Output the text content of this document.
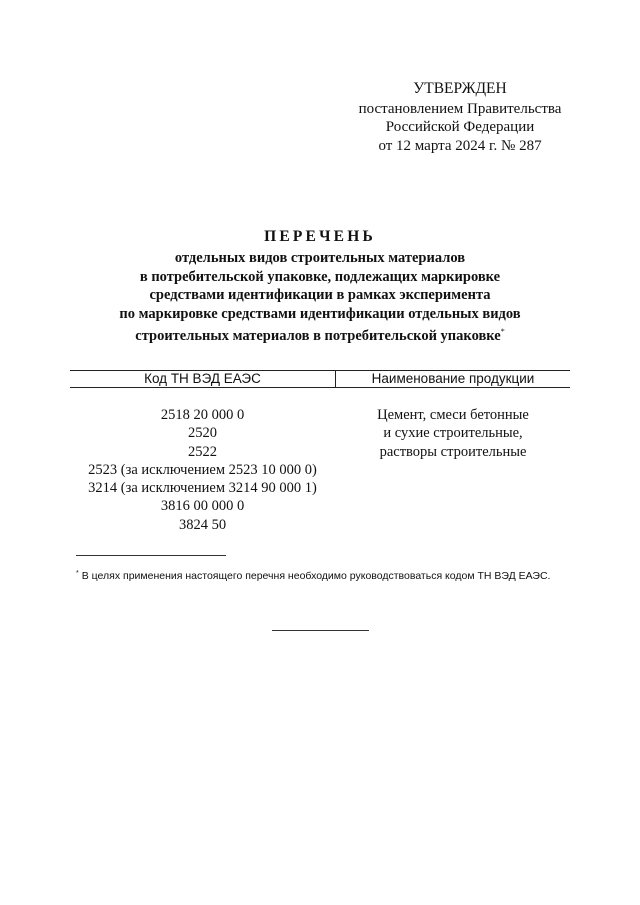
УТВЕРЖДЕН
постановлением Правительства
Российской Федерации
от 12 марта 2024 г. № 287
ПЕРЕЧЕНЬ
отдельных видов строительных материалов
в потребительской упаковке, подлежащих маркировке
средствами идентификации в рамках эксперимента
по маркировке средствами идентификации отдельных видов
строительных материалов в потребительской упаковке*
Код ТН ВЭД ЕАЭС	Наименование продукции
2518 20 000 0
2520
2522
2523 (за исключением 2523 10 000 0)
3214 (за исключением 3214 90 000 1)
3816 00 000 0
3824 50
Цемент, смеси бетонные
и сухие строительные,
растворы строительные
* В целях применения настоящего перечня необходимо руководствоваться кодом ТН ВЭД ЕАЭС.
